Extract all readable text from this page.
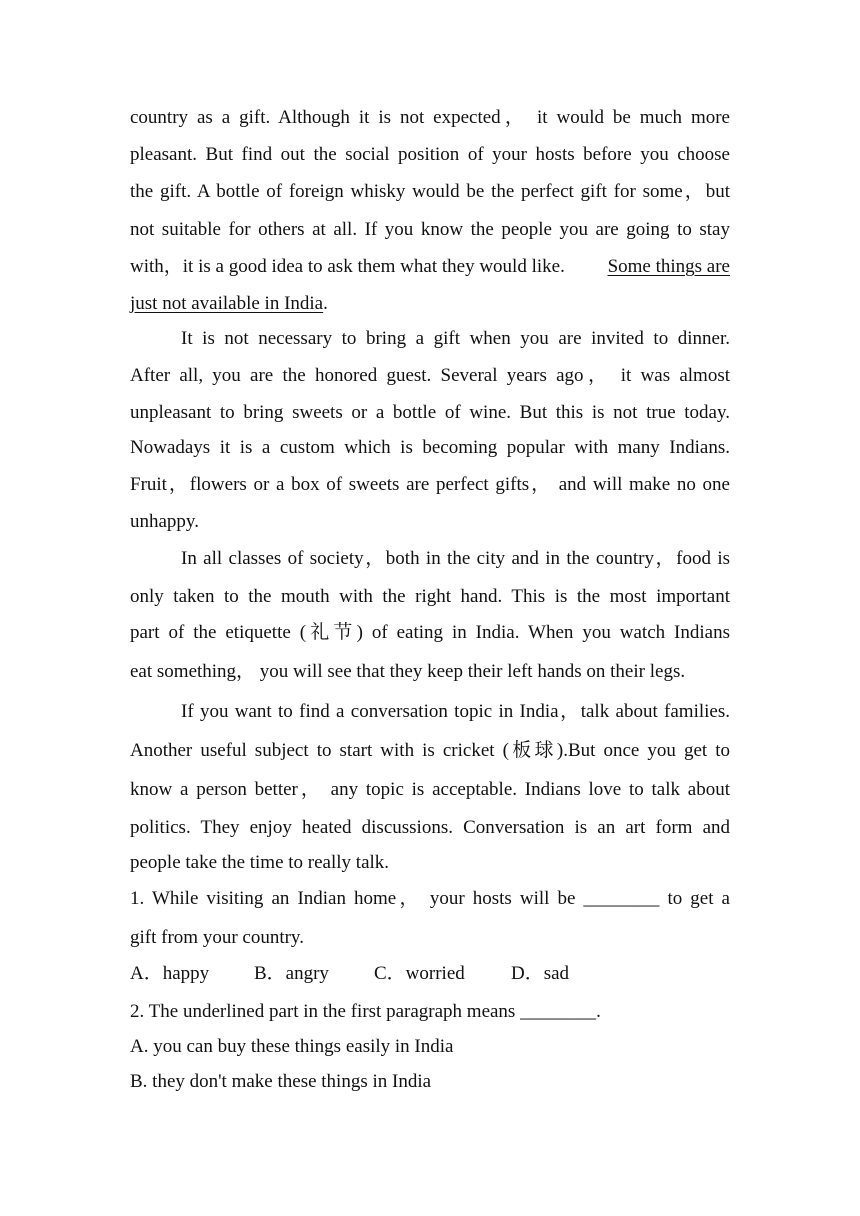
country as a gift. Although it is not expected， it would be much more
pleasant. But find out the social position of your hosts before you choose
the gift. A bottle of foreign whisky would be the perfect gift for some，but
not suitable for others at all. If you know the people you are going to stay
with，it is a good idea to ask them what they would like. Some things are
just not available in India.
It is not necessary to bring a gift when you are invited to dinner.
After all, you are the honored guest. Several years ago， it was almost
unpleasant to bring sweets or a bottle of wine. But this is not true today.
Nowadays it is a custom which is becoming popular with many Indians.
Fruit，flowers or a box of sweets are perfect gifts， and will make no one
unhappy.
In all classes of society，both in the city and in the country，food is
only taken to the mouth with the right hand. This is the most important
part of the etiquette (礼节) of eating in India. When you watch Indians
eat something， you will see that they keep their left hands on their legs.
If you want to find a conversation topic in India，talk about families.
Another useful subject to start with is cricket (板球).But once you get to
know a person better， any topic is acceptable. Indians love to talk about
politics. They enjoy heated discussions. Conversation is an art form and
people take the time to really talk.
1. While visiting an Indian home， your hosts will be ________ to get a
gift from your country.
A．happy B．angry C．worried D．sad
2. The underlined part in the first paragraph means ________.
A. you can buy these things easily in India
B. they don't make these things in India
